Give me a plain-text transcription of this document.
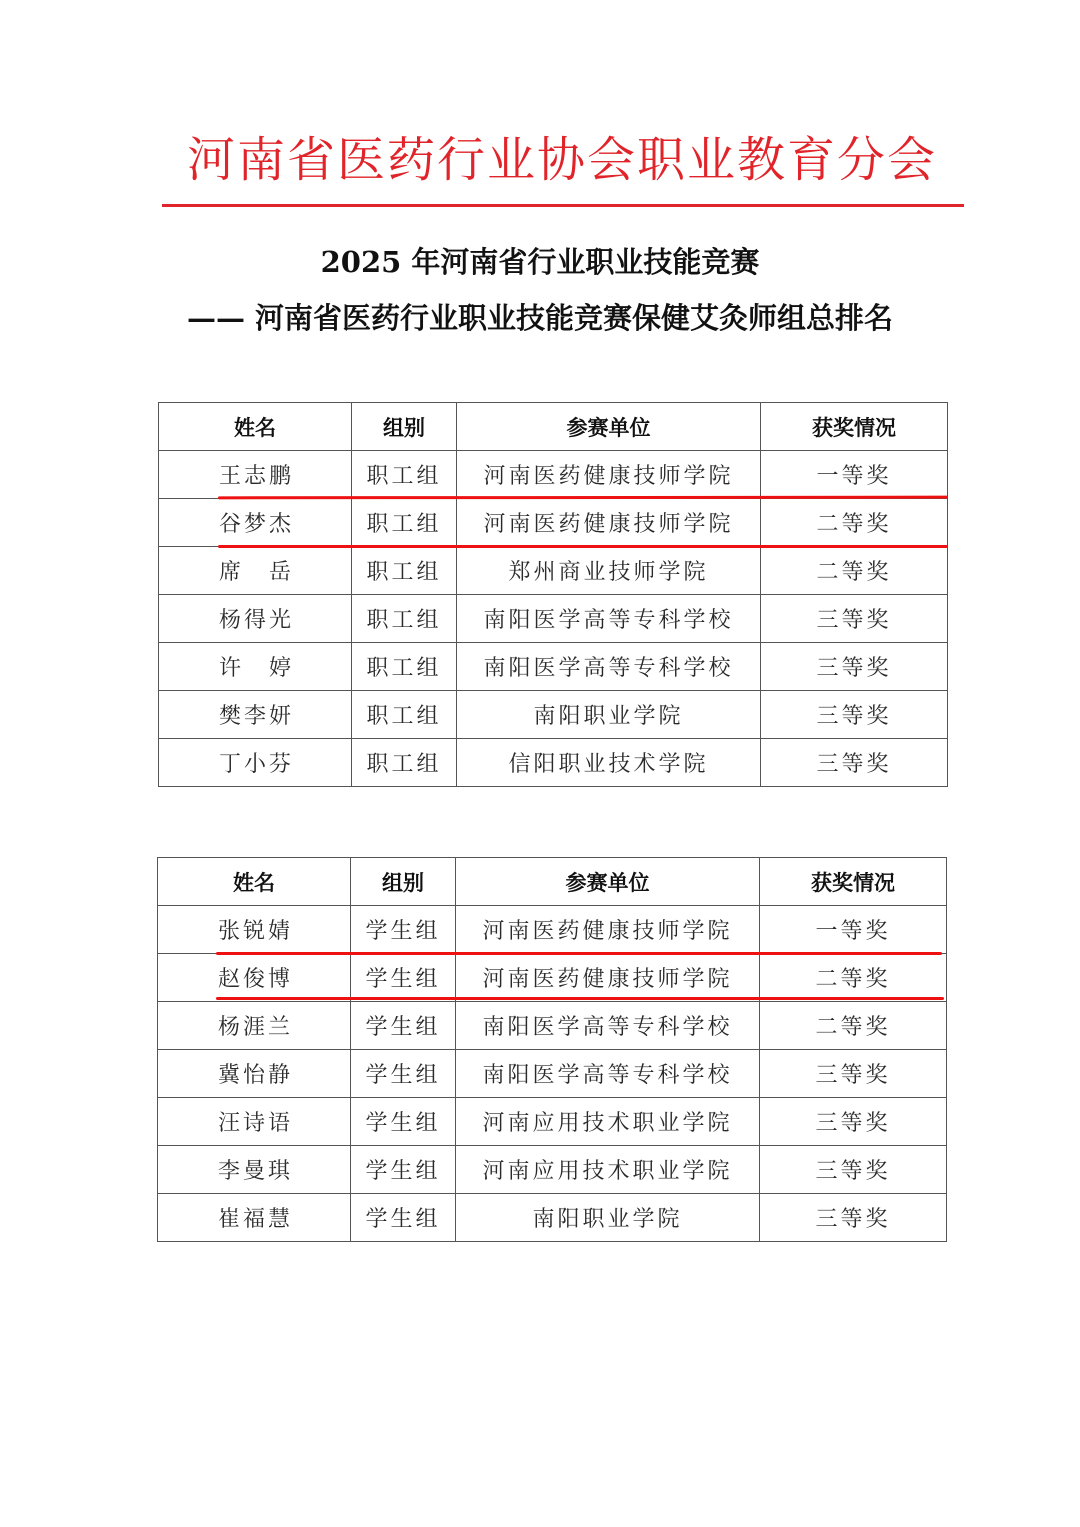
河南省医药行业协会职业教育分会
2025 年河南省行业职业技能竞赛
—— 河南省医药行业职业技能竞赛保健艾灸师组总排名
姓名	组别	参赛单位	获奖情况
王志鹏	职工组	河南医药健康技师学院	一等奖
谷梦杰	职工组	河南医药健康技师学院	二等奖
席　岳	职工组	郑州商业技师学院	二等奖
杨得光	职工组	南阳医学高等专科学校	三等奖
许　婷	职工组	南阳医学高等专科学校	三等奖
樊李妍	职工组	南阳职业学院	三等奖
丁小芬	职工组	信阳职业技术学院	三等奖
姓名	组别	参赛单位	获奖情况
张锐婧	学生组	河南医药健康技师学院	一等奖
赵俊博	学生组	河南医药健康技师学院	二等奖
杨涯兰	学生组	南阳医学高等专科学校	二等奖
冀怡静	学生组	南阳医学高等专科学校	三等奖
汪诗语	学生组	河南应用技术职业学院	三等奖
李曼琪	学生组	河南应用技术职业学院	三等奖
崔福慧	学生组	南阳职业学院	三等奖
